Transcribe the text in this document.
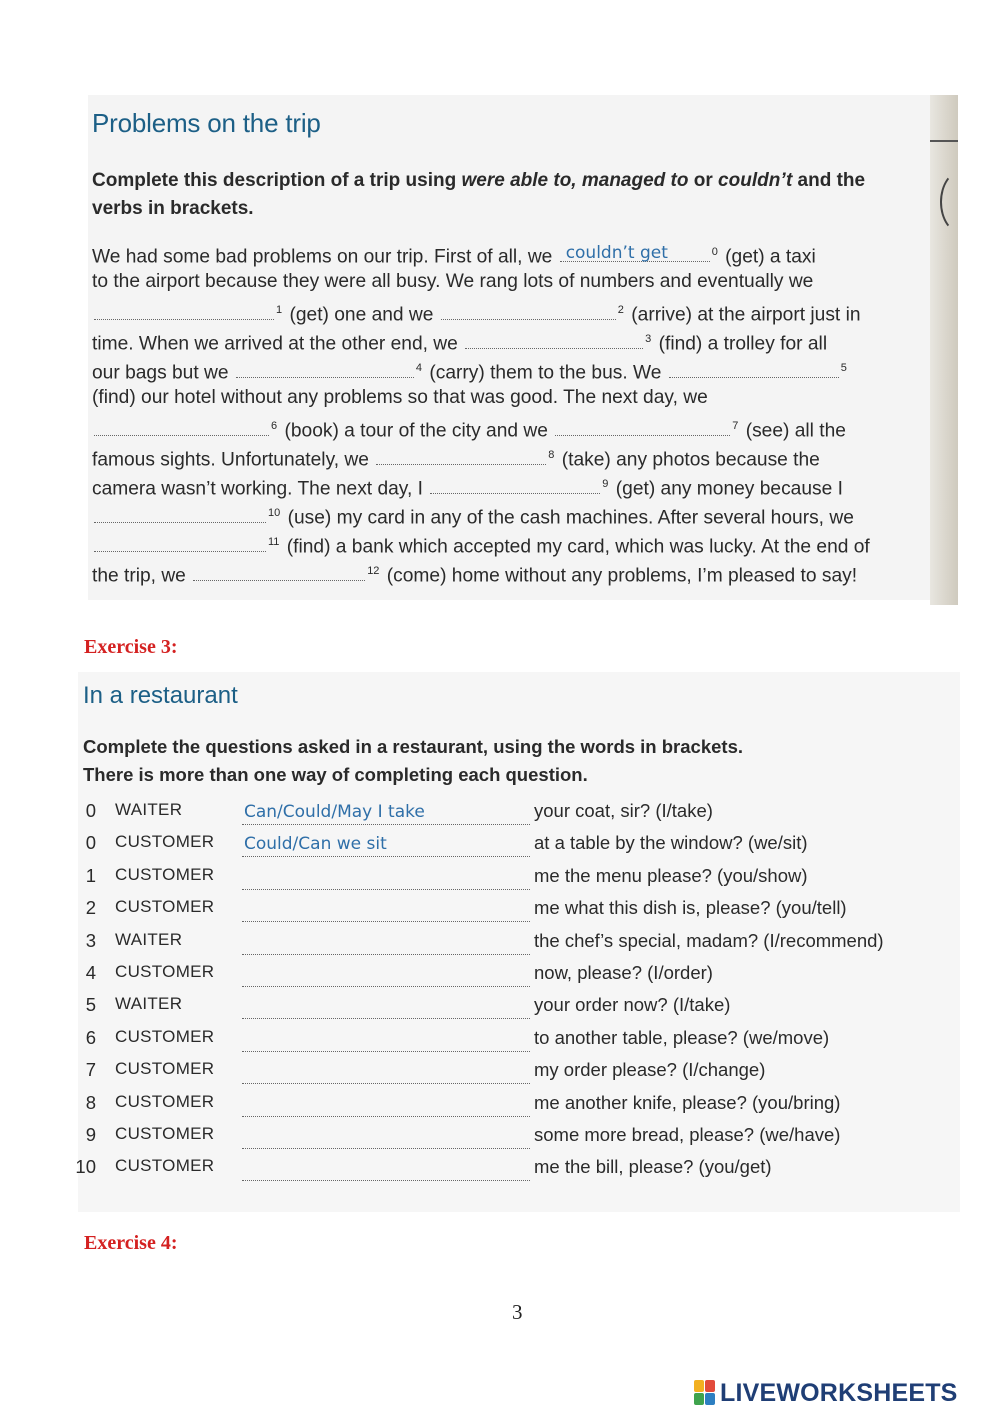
Problems on the trip
Complete this description of a trip using were able to, managed to or couldn’t and the
verbs in brackets.
We had some bad problems on our trip. First of all, we couldn’t get	$^0$ (get) a taxi
to the airport because they were all busy. We rang lots of numbers and eventually we
$^1$ (get) one and we	$^2$ (arrive) at the airport just in
time. When we arrived at the other end, we	$^3$ (find) a trolley for all
our bags but we	$^4$ (carry) them to the bus. We	$^5$
(find) our hotel without any problems so that was good. The next day, we
$^6$ (book) a tour of the city and we	$^7$ (see) all the
famous sights. Unfortunately, we	$^8$ (take) any photos because the
camera wasn’t working. The next day, I	$^9$ (get) any money because I
$^{10}$ (use) my card in any of the cash machines. After several hours, we
$^{11}$ (find) a bank which accepted my card, which was lucky. At the end of
the trip, we	$^{12}$ (come) home without any problems, I’m pleased to say!
Exercise 3:
In a restaurant
Complete the questions asked in a restaurant, using the words in brackets.
There is more than one way of completing each question.
0 WAITER	Can/Could/May I take	your coat, sir? (I/take)
0 CUSTOMER Could/Can we sit	at a table by the window? (we/sit)
1 CUSTOMER	me the menu please? (you/show)
2 CUSTOMER	me what this dish is, please? (you/tell)
3 WAITER	the chef’s special, madam? (I/recommend)
4 CUSTOMER	now, please? (I/order)
5 WAITER	your order now? (I/take)
6 CUSTOMER	to another table, please? (we/move)
7 CUSTOMER	my order please? (I/change)
8 CUSTOMER	me another knife, please? (you/bring)
9 CUSTOMER	some more bread, please? (we/have)
10 CUSTOMER	me the bill, please? (you/get)
Exercise 4:
3
LIVEWORKSHEETS
